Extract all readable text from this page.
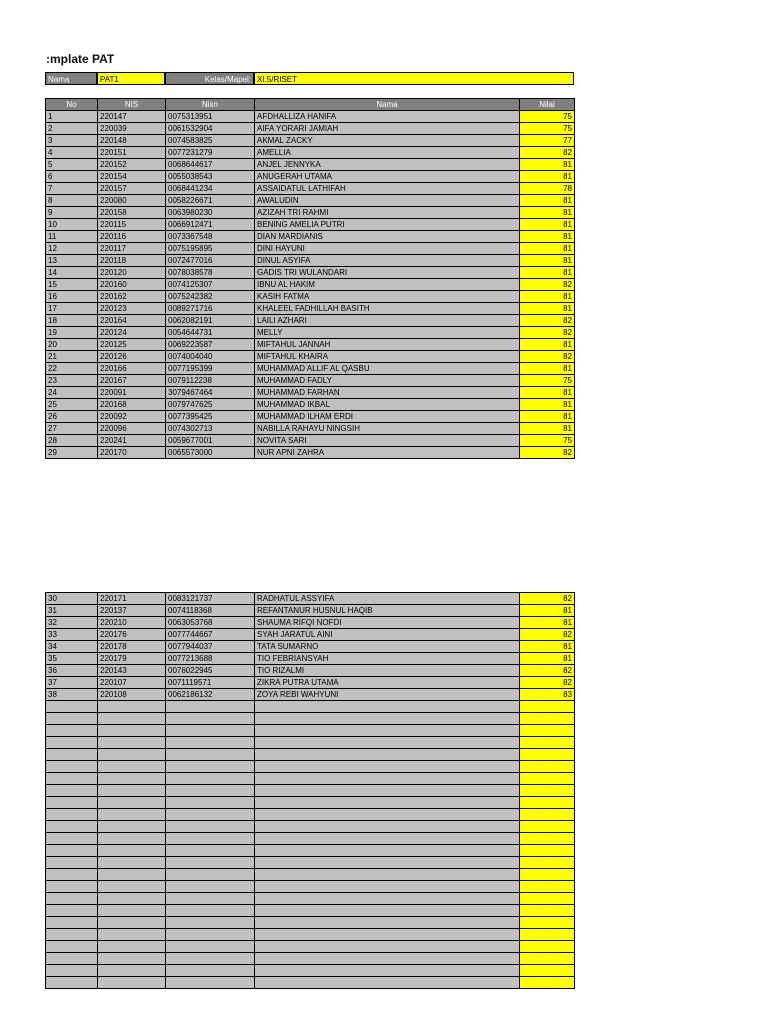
:mplate PAT
Nama	PAT1	Kelas/Mapel: XI.5/RISET
No	NIS	Nisn	Nama	Nilai
1	220147	0075313951	AFDHALLIZA HANIFA	75
2	220039	0061532904	AIFA YORARI JAMIAH	75
3	220148	0074583825	AKMAL ZACKY	77
4	220151	0077231279	AMELLIA	82
5	220152	0068644617	ANJEL JENNYKA	81
6	220154	0055038543	ANUGERAH UTAMA	81
7	220157	0068441234	ASSAIDATUL LATHIFAH	78
8	220080	0058226671	AWALUDIN	81
9	220158	0063980230	AZIZAH TRI RAHMI	81
10	220115	0066912471	BENING AMELIA PUTRI	81
11	220116	0073367548	DIAN MARDIANIS	81
12	220117	0075195895	DINI HAYUNI	81
13	220118	0072477016	DINUL ASYIFA	81
14	220120	0078038578	GADIS TRI WULANDARI	81
15	220160	0074125307	IBNU AL HAKIM	82
16	220162	0075242382	KASIH FATMA	81
17	220123	0089271716	KHALEEL FADHILLAH BASITH	81
18	220164	0062082191	LAILI AZHARI	82
19	220124	0054644731	MELLY	82
20	220125	0069223587	MIFTAHUL JANNAH	81
21	220126	0074004040	MIFTAHUL KHAIRA	82
22	220166	0077195399	MUHAMMAD ALLIF AL QASBU	81
23	220167	0079112238	MUHAMMAD FADLY	75
24	220091	3079467464	MUHAMMAD FARHAN	81
25	220168	0079747625	MUHAMMAD IKBAL	81
26	220092	0077395425	MUHAMMAD ILHAM ERDI	81
27	220096	0074302713	NABILLA RAHAYU NINGSIH	81
28	220241	0059677001	NOVITA SARI	75
29	220170	0065573000	NUR APNI ZAHRA	82
30	220171	0083121737	RADHATUL ASSYIFA	82
31	220137	0074118368	REFANTANUR HUSNUL HAQIB	81
32	220210	0063053768	SHAUMA RIFQI NOFDI	81
33	220176	0077744667	SYAH JARATUL AINI	82
34	220178	0077944037	TATA SUMARNO	81
35	220179	0077213688	TIO FEBRIANSYAH	81
36	220143	0076022945	TIO RIZALMI	82
37	220107	0071119571	ZIKRA PUTRA UTAMA	82
38	220108	0062186132	ZOYA REBI WAHYUNI	83
